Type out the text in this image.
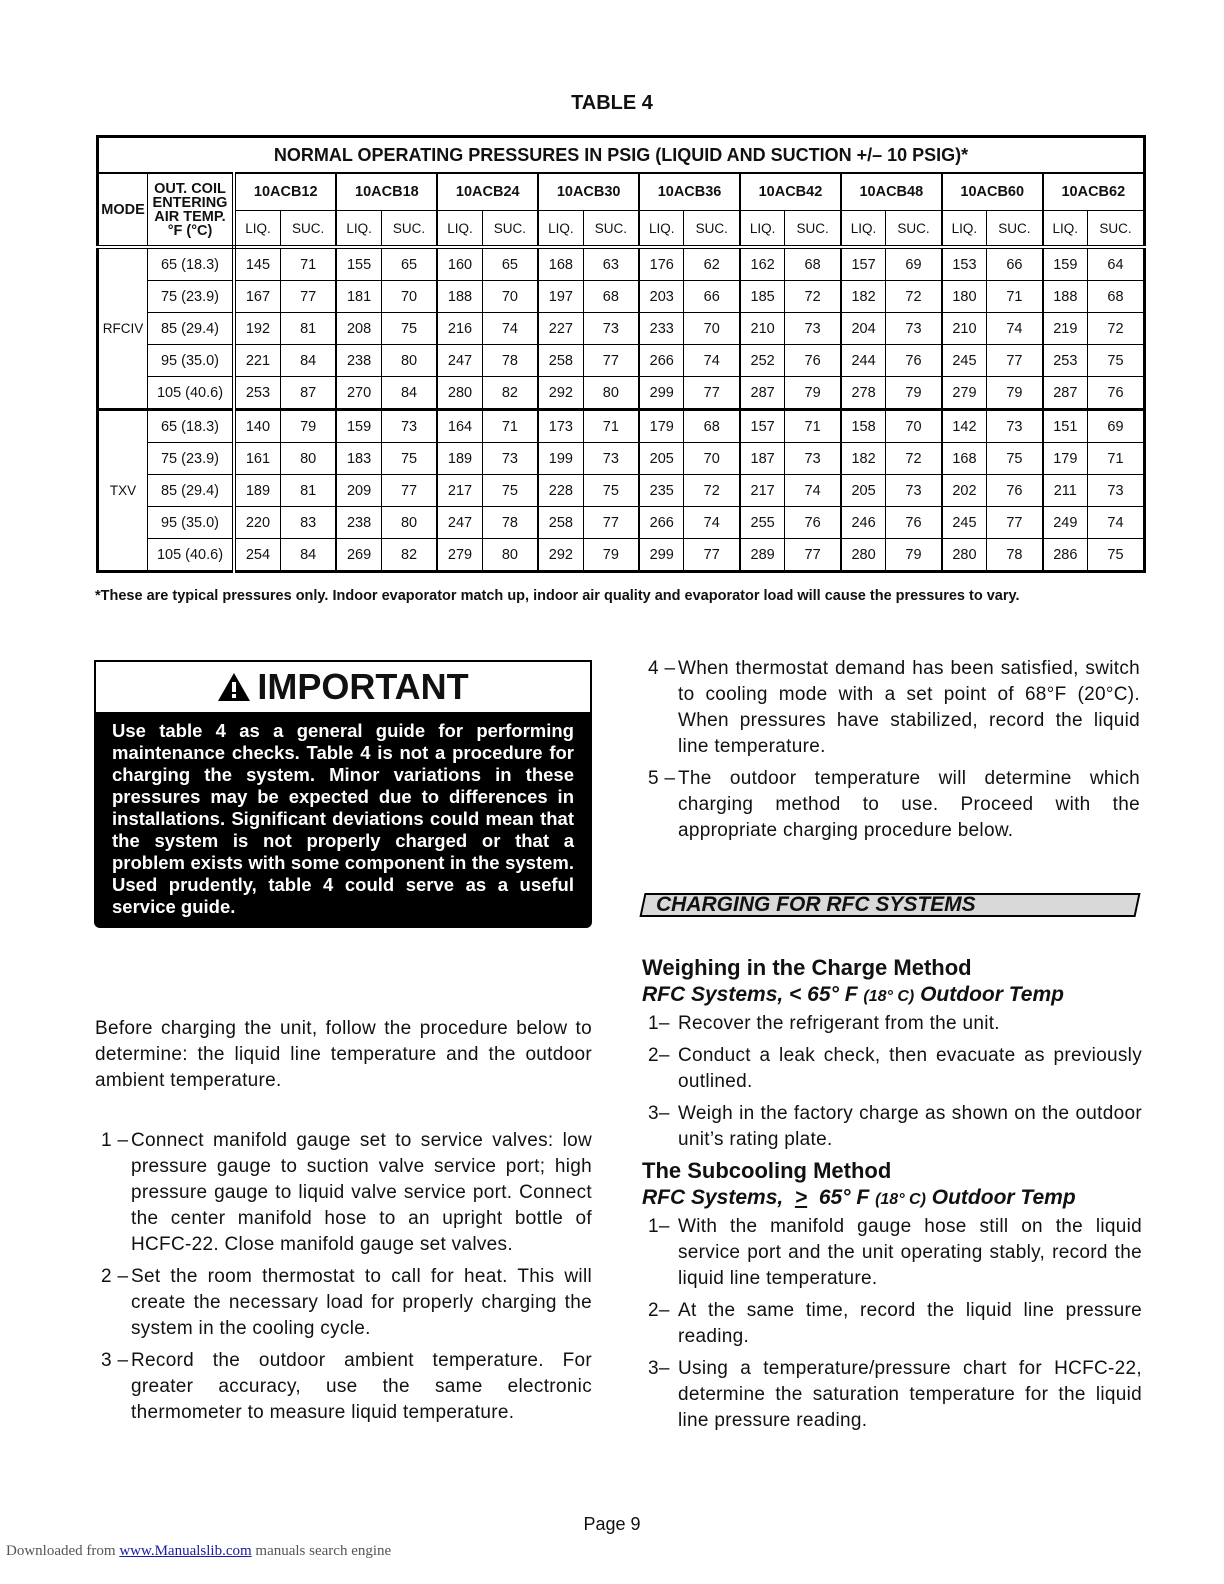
TABLE 4
NORMAL OPERATING PRESSURES IN PSIG (LIQUID AND SUCTION +/– 10 PSIG)*																			
MODE	OUT. COIL
ENTERING
AIR TEMP.
°F (°C)	10ACB12		10ACB18		10ACB24		10ACB30		10ACB36		10ACB42		10ACB48		10ACB60		10ACB62	
		LIQ.	SUC.	LIQ.	SUC.	LIQ.	SUC.	LIQ.	SUC.	LIQ.	SUC.	LIQ.	SUC.	LIQ.	SUC.	LIQ.	SUC.	LIQ.	SUC.
RFCIV	65 (18.3)	145	71	155	65	160	65	168	63	176	62	162	68	157	69	153	66	159	64
	75 (23.9)	167	77	181	70	188	70	197	68	203	66	185	72	182	72	180	71	188	68
	85 (29.4)	192	81	208	75	216	74	227	73	233	70	210	73	204	73	210	74	219	72
	95 (35.0)	221	84	238	80	247	78	258	77	266	74	252	76	244	76	245	77	253	75
	105 (40.6)	253	87	270	84	280	82	292	80	299	77	287	79	278	79	279	79	287	76
TXV	65 (18.3)	140	79	159	73	164	71	173	71	179	68	157	71	158	70	142	73	151	69
	75 (23.9)	161	80	183	75	189	73	199	73	205	70	187	73	182	72	168	75	179	71
	85 (29.4)	189	81	209	77	217	75	228	75	235	72	217	74	205	73	202	76	211	73
	95 (35.0)	220	83	238	80	247	78	258	77	266	74	255	76	246	76	245	77	249	74
	105 (40.6)	254	84	269	82	279	80	292	79	299	77	289	77	280	79	280	78	286	75
*These are typical pressures only. Indoor evaporator match up, indoor air quality and evaporator load will cause the pressures to vary.
IMPORTANT
Use table 4 as a general guide for performing maintenance checks. Table 4 is not a procedure for charging the system. Minor variations in these pressures may be expected due to differences in installations. Significant deviations could mean that the system is not properly charged or that a problem exists with some component in the system. Used prudently, table 4 could serve as a useful service guide.
Before charging the unit, follow the procedure below to determine: the liquid line temperature and the outdoor ambient temperature.
1 – Connect manifold gauge set to service valves: low pressure gauge to suction valve service port; high pressure gauge to liquid valve service port. Connect the center manifold hose to an upright bottle of HCFC-22. Close manifold gauge set valves.
2 – Set the room thermostat to call for heat. This will create the necessary load for properly charging the system in the cooling cycle.
3 – Record the outdoor ambient temperature. For greater accuracy, use the same electronic thermometer to measure liquid temperature.
4 – When thermostat demand has been satisfied, switch to cooling mode with a set point of 68°F (20°C). When pressures have stabilized, record the liquid line temperature.
5 – The outdoor temperature will determine which charging method to use. Proceed with the appropriate charging procedure below.
CHARGING FOR RFC SYSTEMS
Weighing in the Charge Method
RFC Systems, < 65° F (18° C) Outdoor Temp
1– Recover the refrigerant from the unit.
2– Conduct a leak check, then evacuate as previously outlined.
3– Weigh in the factory charge as shown on the outdoor unit’s rating plate.
The Subcooling Method
RFC Systems,  >  65° F (18° C) Outdoor Temp
1– With the manifold gauge hose still on the liquid service port and the unit operating stably, record the liquid line temperature.
2– At the same time, record the liquid line pressure reading.
3– Using a temperature/pressure chart for HCFC-22, determine the saturation temperature for the liquid line pressure reading.
Page 9
Downloaded from www.Manualslib.com manuals search engine
